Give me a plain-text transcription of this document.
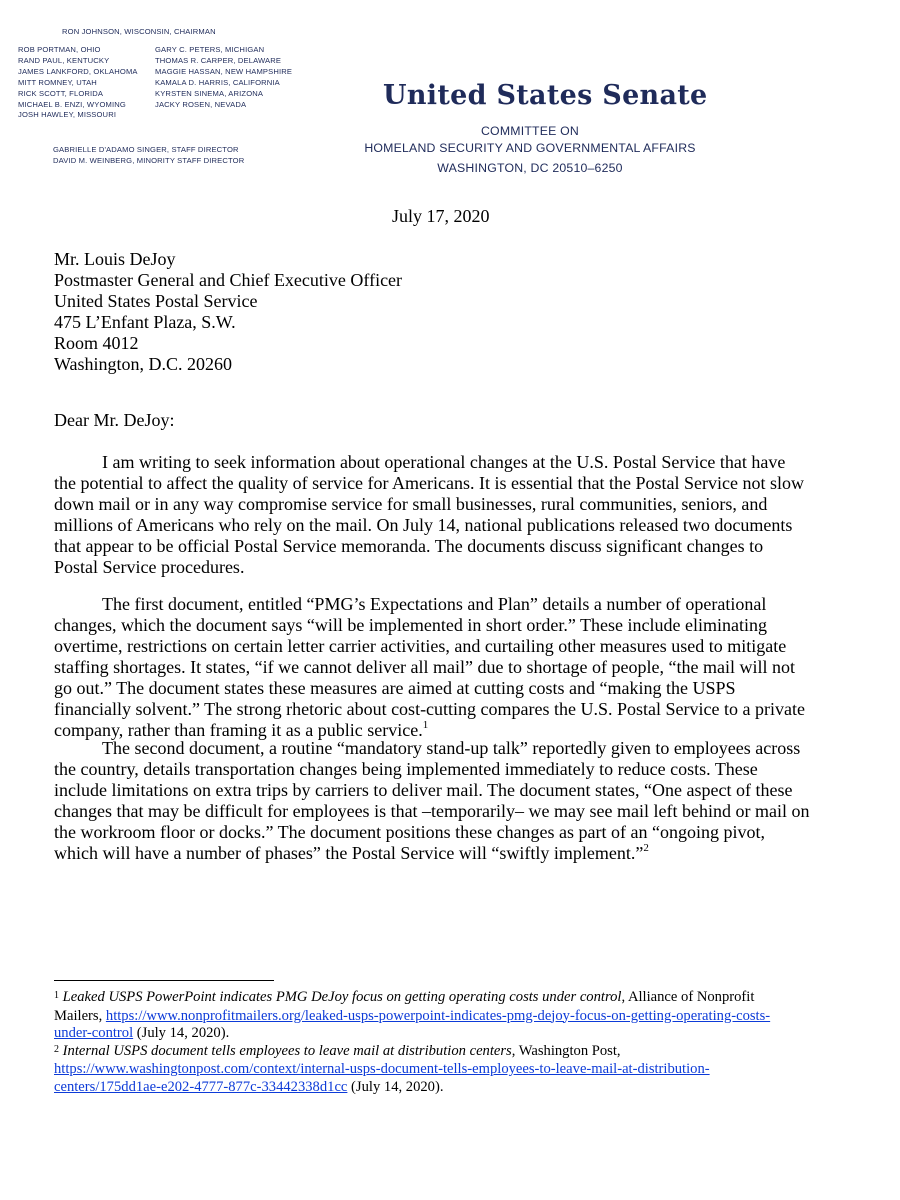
RON JOHNSON, WISCONSIN, CHAIRMAN
ROB PORTMAN, OHIO
RAND PAUL, KENTUCKY
JAMES LANKFORD, OKLAHOMA
MITT ROMNEY, UTAH
RICK SCOTT, FLORIDA
MICHAEL B. ENZI, WYOMING
JOSH HAWLEY, MISSOURI
GARY C. PETERS, MICHIGAN
THOMAS R. CARPER, DELAWARE
MAGGIE HASSAN, NEW HAMPSHIRE
KAMALA D. HARRIS, CALIFORNIA
KYRSTEN SINEMA, ARIZONA
JACKY ROSEN, NEVADA
GABRIELLE D'ADAMO SINGER, STAFF DIRECTOR
DAVID M. WEINBERG, MINORITY STAFF DIRECTOR
United States Senate
COMMITTEE ON
HOMELAND SECURITY AND GOVERNMENTAL AFFAIRS
WASHINGTON, DC 20510–6250
July 17, 2020
Mr. Louis DeJoy
Postmaster General and Chief Executive Officer
United States Postal Service
475 L’Enfant Plaza, S.W.
Room 4012
Washington, D.C. 20260
Dear Mr. DeJoy:
I am writing to seek information about operational changes at the U.S. Postal Service that have
the potential to affect the quality of service for Americans. It is essential that the Postal Service not slow
down mail or in any way compromise service for small businesses, rural communities, seniors, and
millions of Americans who rely on the mail. On July 14, national publications released two documents
that appear to be official Postal Service memoranda. The documents discuss significant changes to
Postal Service procedures.
The first document, entitled “PMG’s Expectations and Plan” details a number of operational
changes, which the document says “will be implemented in short order.” These include eliminating
overtime, restrictions on certain letter carrier activities, and curtailing other measures used to mitigate
staffing shortages. It states, “if we cannot deliver all mail” due to shortage of people, “the mail will not
go out.” The document states these measures are aimed at cutting costs and “making the USPS
financially solvent.” The strong rhetoric about cost-cutting compares the U.S. Postal Service to a private
company, rather than framing it as a public service.$^1$
The second document, a routine “mandatory stand-up talk” reportedly given to employees across
the country, details transportation changes being implemented immediately to reduce costs. These
include limitations on extra trips by carriers to deliver mail. The document states, “One aspect of these
changes that may be difficult for employees is that –temporarily– we may see mail left behind or mail on
the workroom floor or docks.” The document positions these changes as part of an “ongoing pivot,
which will have a number of phases” the Postal Service will “swiftly implement.”$^2$
$^1$ Leaked USPS PowerPoint indicates PMG DeJoy focus on getting operating costs under control, Alliance of Nonprofit
Mailers, https://www.nonprofitmailers.org/leaked-usps-powerpoint-indicates-pmg-dejoy-focus-on-getting-operating-costs-
under-control (July 14, 2020).
$^2$ Internal USPS document tells employees to leave mail at distribution centers, Washington Post,
https://www.washingtonpost.com/context/internal-usps-document-tells-employees-to-leave-mail-at-distribution-
centers/175dd1ae-e202-4777-877c-33442338d1cc (July 14, 2020).
